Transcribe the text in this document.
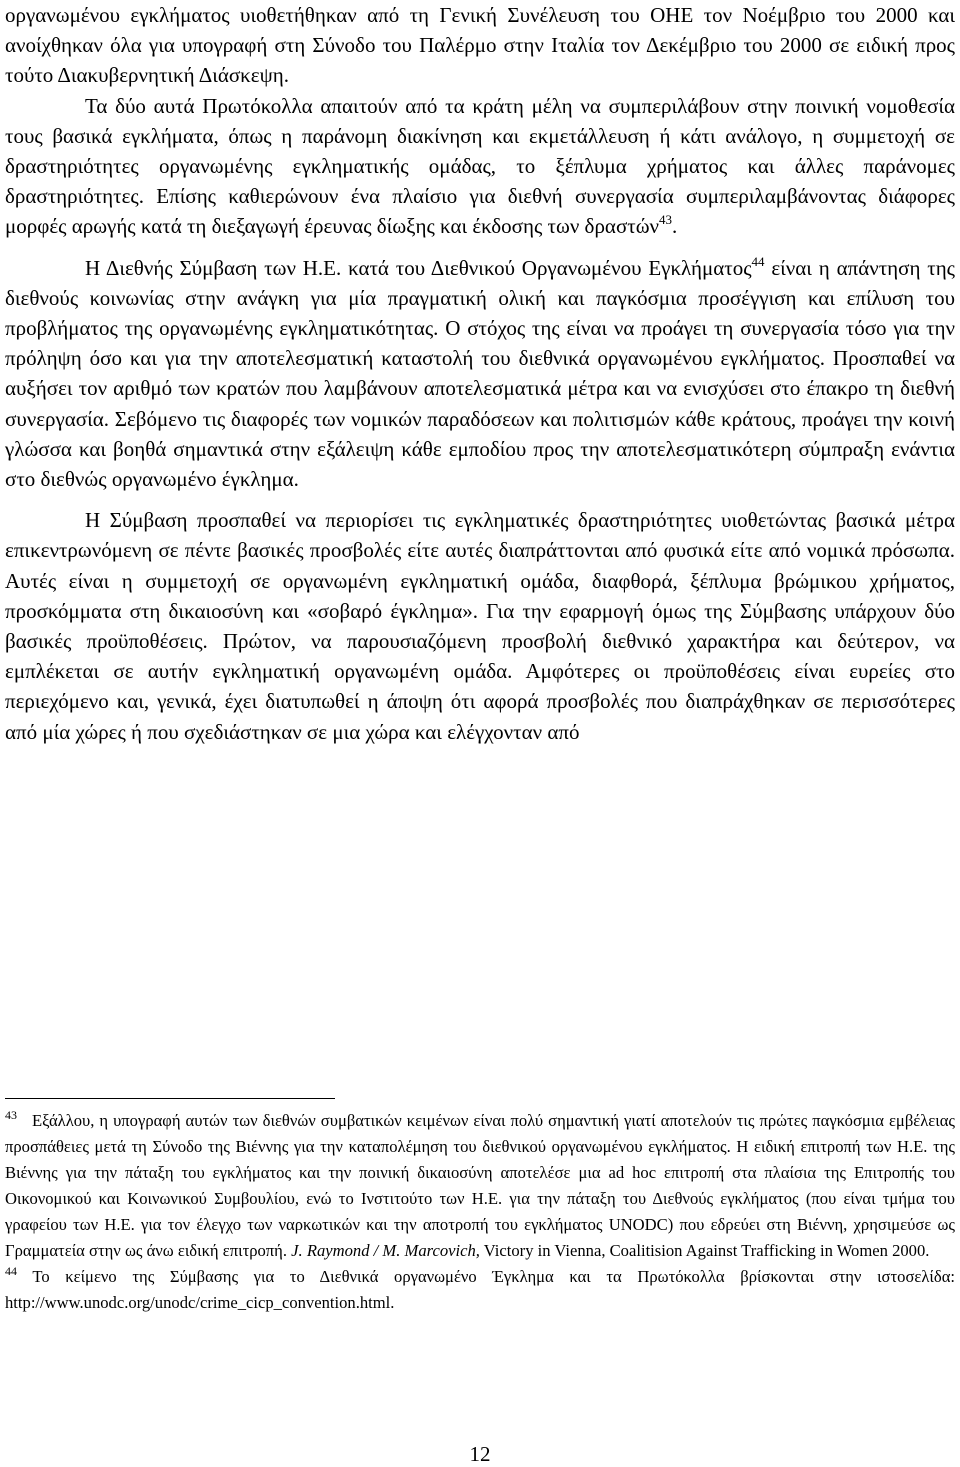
οργανωμένου εγκλήματος υιοθετήθηκαν από τη Γενική Συνέλευση του ΟΗΕ τον Νοέμβριο του 2000 και ανοίχθηκαν όλα για υπογραφή στη Σύνοδο του Παλέρμο στην Ιταλία τον Δεκέμβριο του 2000 σε ειδική προς τούτο Διακυβερνητική Διάσκεψη.

Τα δύο αυτά Πρωτόκολλα απαιτούν από τα κράτη μέλη να συμπεριλάβουν στην ποινική νομοθεσία τους βασικά εγκλήματα, όπως η παράνομη διακίνηση και εκμετάλλευση ή κάτι ανάλογο, η συμμετοχή σε δραστηριότητες οργανωμένης εγκληματικής ομάδας, το ξέπλυμα χρήματος και άλλες παράνομες δραστηριότητες. Επίσης καθιερώνουν ένα πλαίσιο για διεθνή συνεργασία συμπεριλαμβάνοντας διάφορες μορφές αρωγής κατά τη διεξαγωγή έρευνας δίωξης και έκδοσης των δραστών$^{43}$.

Η Διεθνής Σύμβαση των Η.Ε. κατά του Διεθνικού Οργανωμένου Εγκλήματος$^{44}$ είναι η απάντηση της διεθνούς κοινωνίας στην ανάγκη για μία πραγματική ολική και παγκόσμια προσέγγιση και επίλυση του προβλήματος της οργανωμένης εγκληματικότητας. Ο στόχος της είναι να προάγει τη συνεργασία τόσο για την πρόληψη όσο και για την αποτελεσματική καταστολή του διεθνικά οργανωμένου εγκλήματος. Προσπαθεί να αυξήσει τον αριθμό των κρατών που λαμβάνουν αποτελεσματικά μέτρα και να ενισχύσει στο έπακρο τη διεθνή συνεργασία. Σεβόμενο τις διαφορές των νομικών παραδόσεων και πολιτισμών κάθε κράτους, προάγει την κοινή γλώσσα και βοηθά σημαντικά στην εξάλειψη κάθε εμποδίου προς την αποτελεσματικότερη σύμπραξη ενάντια στο διεθνώς οργανωμένο έγκλημα.

Η Σύμβαση προσπαθεί να περιορίσει τις εγκληματικές δραστηριότητες υιοθετώντας βασικά μέτρα επικεντρωνόμενη σε πέντε βασικές προσβολές είτε αυτές διαπράττονται από φυσικά είτε από νομικά πρόσωπα. Αυτές είναι η συμμετοχή σε οργανωμένη εγκληματική ομάδα, διαφθορά, ξέπλυμα βρώμικου χρήματος, προσκόμματα στη δικαιοσύνη και «σοβαρό έγκλημα». Για την εφαρμογή όμως της Σύμβασης υπάρχουν δύο βασικές προϋποθέσεις. Πρώτον, να παρουσιαζόμενη προσβολή διεθνικό χαρακτήρα και δεύτερον, να εμπλέκεται σε αυτήν εγκληματική οργανωμένη ομάδα. Αμφότερες οι προϋποθέσεις είναι ευρείες στο περιεχόμενο και, γενικά, έχει διατυπωθεί η άποψη ότι αφορά προσβολές που διαπράχθηκαν σε περισσότερες από μία χώρες ή που σχεδιάστηκαν σε μια χώρα και ελέγχονταν από

$^{43}$ Εξάλλου, η υπογραφή αυτών των διεθνών συμβατικών κειμένων είναι πολύ σημαντική γιατί αποτελούν τις πρώτες παγκόσμια εμβέλειας προσπάθειες μετά τη Σύνοδο της Βιέννης για την καταπολέμηση του διεθνικού οργανωμένου εγκλήματος. Η ειδική επιτροπή των Η.Ε. της Βιέννης για την πάταξη του εγκλήματος και την ποινική δικαιοσύνη αποτελέσε μια ad hoc επιτροπή στα πλαίσια της Επιτροπής του Οικονομικού και Κοινωνικού Συμβουλίου, ενώ το Ινστιτούτο των Η.Ε. για την πάταξη του Διεθνούς εγκλήματος (που είναι τμήμα του γραφείου των Η.Ε. για τον έλεγχο των ναρκωτικών και την αποτροπή του εγκλήματος UNODC) που εδρεύει στη Βιέννη, χρησιμεύσε ως Γραμματεία στην ως άνω ειδική επιτροπή. J. Raymond / M. Marcovich, Victory in Vienna, Coalitision Against Trafficking in Women 2000.

$^{44}$ Το κείμενο της Σύμβασης για το Διεθνικά οργανωμένο Έγκλημα και τα Πρωτόκολλα βρίσκονται στην ιστοσελίδα: http://www.unodc.org/unodc/crime_cicp_convention.html.

12
